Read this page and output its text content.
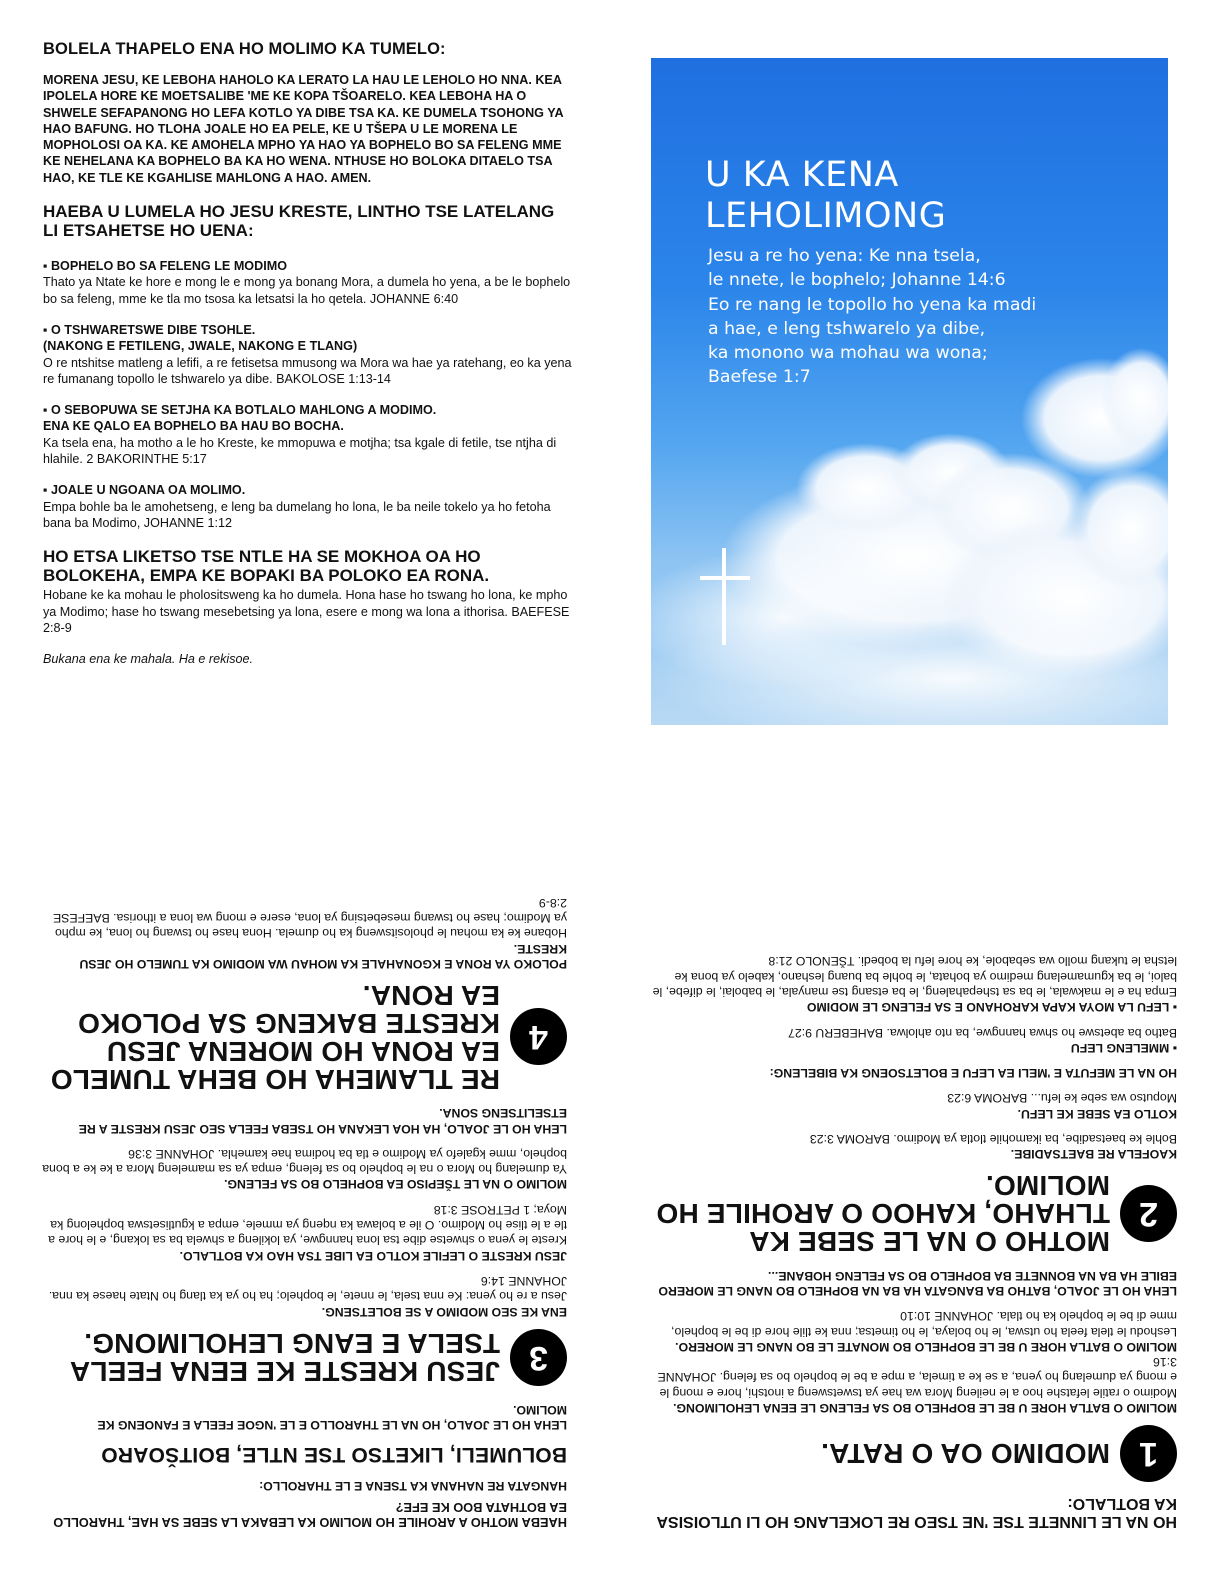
BOLELA THAPELO ENA HO MOLIMO KA TUMELO:
MORENA JESU, KE LEBOHA HAHOLO KA LERATO LA HAU LE LEHOLO HO NNA. KEA IPOLELA HORE KE MOETSALIBE 'ME KE KOPA TŠOARELO. KEA LEBOHA HA O SHWELE SEFAPANONG HO LEFA KOTLO YA DIBE TSA KA. KE DUMELA TSOHONG YA HAO BAFUNG. HO TLOHA JOALE HO EA PELE, KE U TŠEPA U LE MORENA LE MOPHOLOSI OA KA. KE AMOHELA MPHO YA HAO YA BOPHELO BO SA FELENG MME KE NEHELANA KA BOPHELO BA KA HO WENA. NTHUSE HO BOLOKA DITAELO TSA HAO, KE TLE KE KGAHLISE MAHLONG A HAO. AMEN.
HAEBA U LUMELA HO JESU KRESTE, LINTHO TSE LATELANG LI ETSAHETSE HO UENA:
▪ BOPHELO BO SA FELENG LE MODIMO
Thato ya Ntate ke hore e mong le e mong ya bonang Mora, a dumela ho yena, a be le bophelo bo sa feleng, mme ke tla mo tsosa ka letsatsi la ho qetela. JOHANNE 6:40
▪ O TSHWARETSWE DIBE TSOHLE.
(NAKONG E FETILENG, JWALE, NAKONG E TLANG)
O re ntshitse matleng a lefifi, a re fetisetsa mmusong wa Mora wa hae ya ratehang, eo ka yena re fumanang topollo le tshwarelo ya dibe. BAKOLOSE 1:13-14
▪ O SEBOPUWA SE SETJHA KA BOTLALO MAHLONG A MODIMO.
ENA KE QALO EA BOPHELO BA HAU BO BOCHA.
Ka tsela ena, ha motho a le ho Kreste, ke mmopuwa e motjha; tsa kgale di fetile, tse ntjha di hlahile. 2 BAKORINTHE 5:17
▪ JOALE U NGOANA OA MOLIMO.
Empa bohle ba le amohetseng, e leng ba dumelang ho lona, le ba neile tokelo ya ho fetoha bana ba Modimo, JOHANNE 1:12
HO ETSA LIKETSO TSE NTLE HA SE MOKHOA OA HO BOLOKEHA, EMPA KE BOPAKI BA POLOKO EA RONA.
Hobane ke ka mohau le pholositsweng ka ho dumela. Hona hase ho tswang ho lona, ke mpho ya Modimo; hase ho tswang mesebetsing ya lona, esere e mong wa lona a ithorisa. BAEFESE 2:8-9
Bukana ena ke mahala. Ha e rekisoe.
U KA KENA
LEHOLIMONG
Jesu a re ho yena: Ke nna tsela,
le nnete, le bophelo; Johanne 14:6
Eo re nang le topollo ho yena ka madi
a hae, e leng tshwarelo ya dibe,
ka monono wa mohau wa wona;
Baefese 1:7
HO NA LE LINNETE TSE 'NE TSEO RE LOKELANG HO LI UTLOISISA KA BOTLALO:
1
MODIMO OA O RATA.
MOLIMO O BATLA HORE U BE LE BOPHELO BO SA FELENG LE EENA LEHOLIMONG.
Modimo o ratile lefatshe hoo a le neileng Mora wa hae ya tswetsweng a inotshi, hore e mong le e mong ya dumelang ho yena, a se ke a timela, a mpe a be le bophelo bo sa feleng. JOHANNE 3:16
MOLIMO O BATLA HORE U BE LE BOPHELO BO MONATE LE BO NANG LE MORERO.
Leshodu le tlela feela ho utswa, le ho bolaya, le ho timetsa; nna ke tlile hore di be le bophelo, mme di be le bophelo ka ho tlala. JOHANNE 10:10
LEHA HO LE JOALO, BATHO BA BANGATA HA BA NA BOPHELO BO NANG LE MORERO EBILE HA BA NA BONNETE BA BOPHELO BO SA FELENG HOBANE...
2
MOTHO O NA LE SEBE KA TLHAHO, KAHOO O AROHILE HO MOLIMO.
KAOFELA RE BAETSADIBE.
Bohle ke baetsadibe, ba ikamohile tlotla ya Modimo. BAROMA 3:23
KOTLO EA SEBE KE LEFU.
Moputso wa sebe ke lefu... BAROMA 6:23
HO NA LE MEFUTA E 'MELI EA LEFU E BOLETSOENG KA BIBELENG:
▪ MMELENG LEFU
Batho ba abetswe ho shwa hanngwe, ba nto ahlolwa. BAHEBERU 9:27
▪ LEFU LA MOYA KAPA KAROHANO E SA FELENG LE MODIMO
Empa ha e le makwala, le ba sa tshepahaleng, le ba etsang tse manyala, le babolai, le difebe, le baloi, le ba kgumamelang medimo ya bohata, le bohle ba buang leshano, kabelo ya bona ke letsha le tukang mollo wa sebabole, ke hore lefu la bobedi. TŠENOLO 21:8
HAEBA MOTHO A AROHILE HO MOLIMO KA LEBAKA LA SEBE SA HAE, THAROLLO EA BOTHATA BOO KE EFE?
HANGATA RE NAHANA KA TSENA E LE THAROLLO:
BOLUMELI, LIKETSO TSE NTLE, BOITŠOARO
LEHA HO LE JOALO, HO NA LE THAROLLO E LE 'NGOE FEELA E FANOENG KE MOLIMO.
3
JESU KRESTE KE EENA FEELA TSELA E EANG LEHOLIMONG.
ENA KE SEO MODIMO A SE BOLETSENG.
Jesu a re ho yena: Ke nna tsela, le nnete, le bophelo; ha ho ya ka tlang ho Ntate haese ka nna. JOHANNE 14:6
JESU KRESTE O LEFILE KOTLO EA LIBE TSA HAO KA BOTLALO.
Kreste le yena o shwetse dibe tsa lona hanngwe, ya lokileng a shwela ba sa lokang, e le hore a tle a le tlise ho Modimo. O ile a bolawa ka nqeng ya mmele, empa a kgutlisetswa bophelong ka Moya; 1 PETROSE 3:18
MOLIMO O NA LE TŠEPISO EA BOPHELO BO SA FELENG.
Ya dumelang ho Mora o na le bophelo bo sa feleng, empa ya sa mameleng Mora a ke ke a bona bophelo, mme kgalefo ya Modimo e tla ba hodima hae kamehla. JOHANNE 3:36
LEHA HO LE JOALO, HA HOA LEKANA HO TSEBA FEELA SEO JESU KRESTE A RE ETSELITSENG SONA.
4
RE TLAMEHA HO BEHA TUMELO EA RONA HO MORENA JESU KRESTE BAKENG SA POLOKO EA RONA.
POLOKO YA RONA E KGONAHALE KA MOHAU WA MODIMO KA TUMELO HO JESU KRESTE.
Hobane ke ka mohau le pholositsweng ka ho dumela. Hona hase ho tswang ho lona, ke mpho ya Modimo; hase ho tswang mesebetsing ya lona, esere e mong wa lona a ithorisa. BAEFESE 2:8-9
